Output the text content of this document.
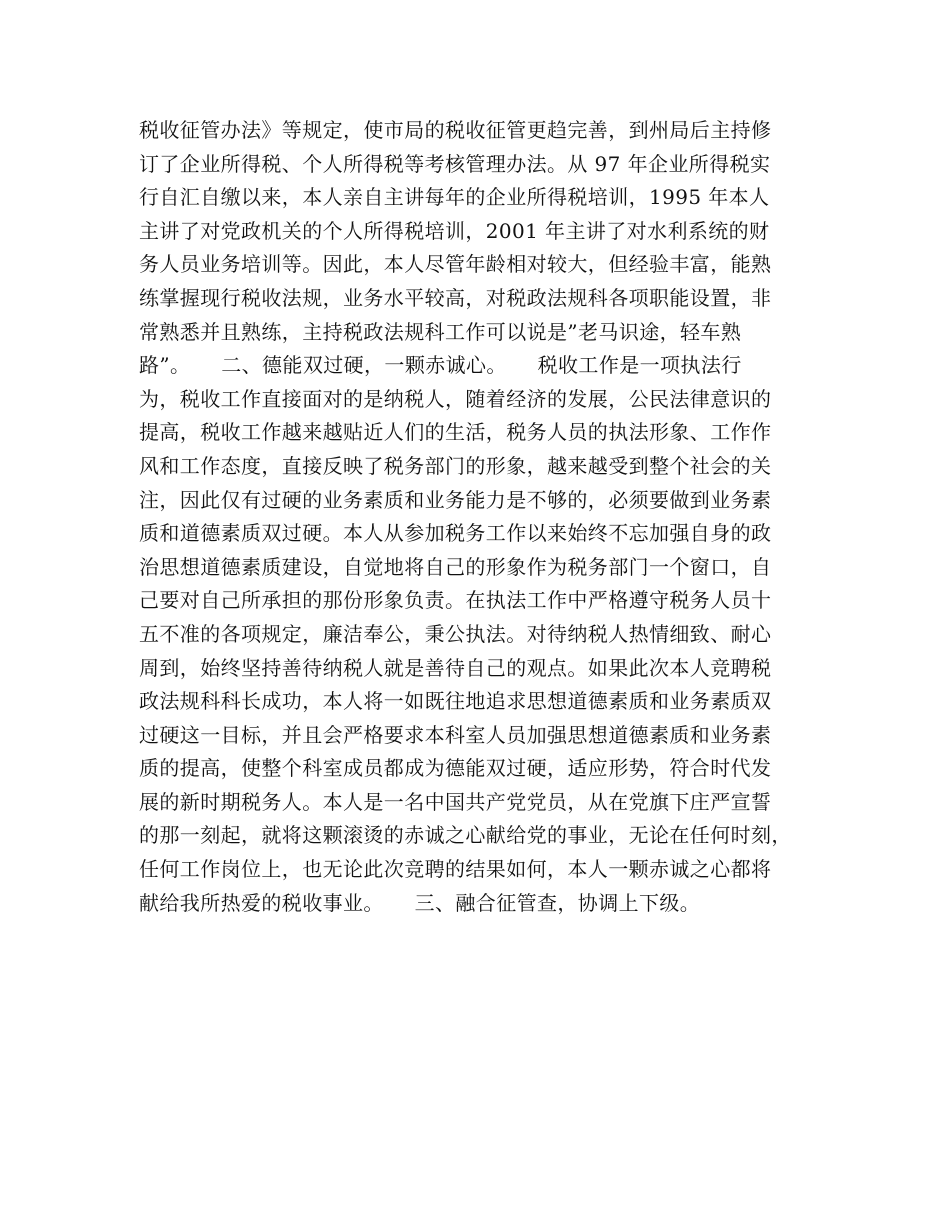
税收征管办法》等规定，使市局的税收征管更趋完善，到州局后主持修
订了企业所得税、个人所得税等考核管理办法。从 97 年企业所得税实
行自汇自缴以来，本人亲自主讲每年的企业所得税培训，1995 年本人
主讲了对党政机关的个人所得税培训，2001 年主讲了对水利系统的财
务人员业务培训等。因此，本人尽管年龄相对较大，但经验丰富，能熟
练掌握现行税收法规，业务水平较高，对税政法规科各项职能设置，非
常熟悉并且熟练，主持税政法规科工作可以说是”老马识途，轻车熟
路”。　　二、德能双过硬，一颗赤诚心。　　税收工作是一项执法行
为，税收工作直接面对的是纳税人，随着经济的发展，公民法律意识的
提高，税收工作越来越贴近人们的生活，税务人员的执法形象、工作作
风和工作态度，直接反映了税务部门的形象，越来越受到整个社会的关
注，因此仅有过硬的业务素质和业务能力是不够的，必须要做到业务素
质和道德素质双过硬。本人从参加税务工作以来始终不忘加强自身的政
治思想道德素质建设，自觉地将自己的形象作为税务部门一个窗口，自
己要对自己所承担的那份形象负责。在执法工作中严格遵守税务人员十
五不准的各项规定，廉洁奉公，秉公执法。对待纳税人热情细致、耐心
周到，始终坚持善待纳税人就是善待自己的观点。如果此次本人竞聘税
政法规科科长成功，本人将一如既往地追求思想道德素质和业务素质双
过硬这一目标，并且会严格要求本科室人员加强思想道德素质和业务素
质的提高，使整个科室成员都成为德能双过硬，适应形势，符合时代发
展的新时期税务人。本人是一名中国共产党党员，从在党旗下庄严宣誓
的那一刻起，就将这颗滚烫的赤诚之心献给党的事业，无论在任何时刻，
任何工作岗位上，也无论此次竞聘的结果如何，本人一颗赤诚之心都将
献给我所热爱的税收事业。　　三、融合征管查，协调上下级。
